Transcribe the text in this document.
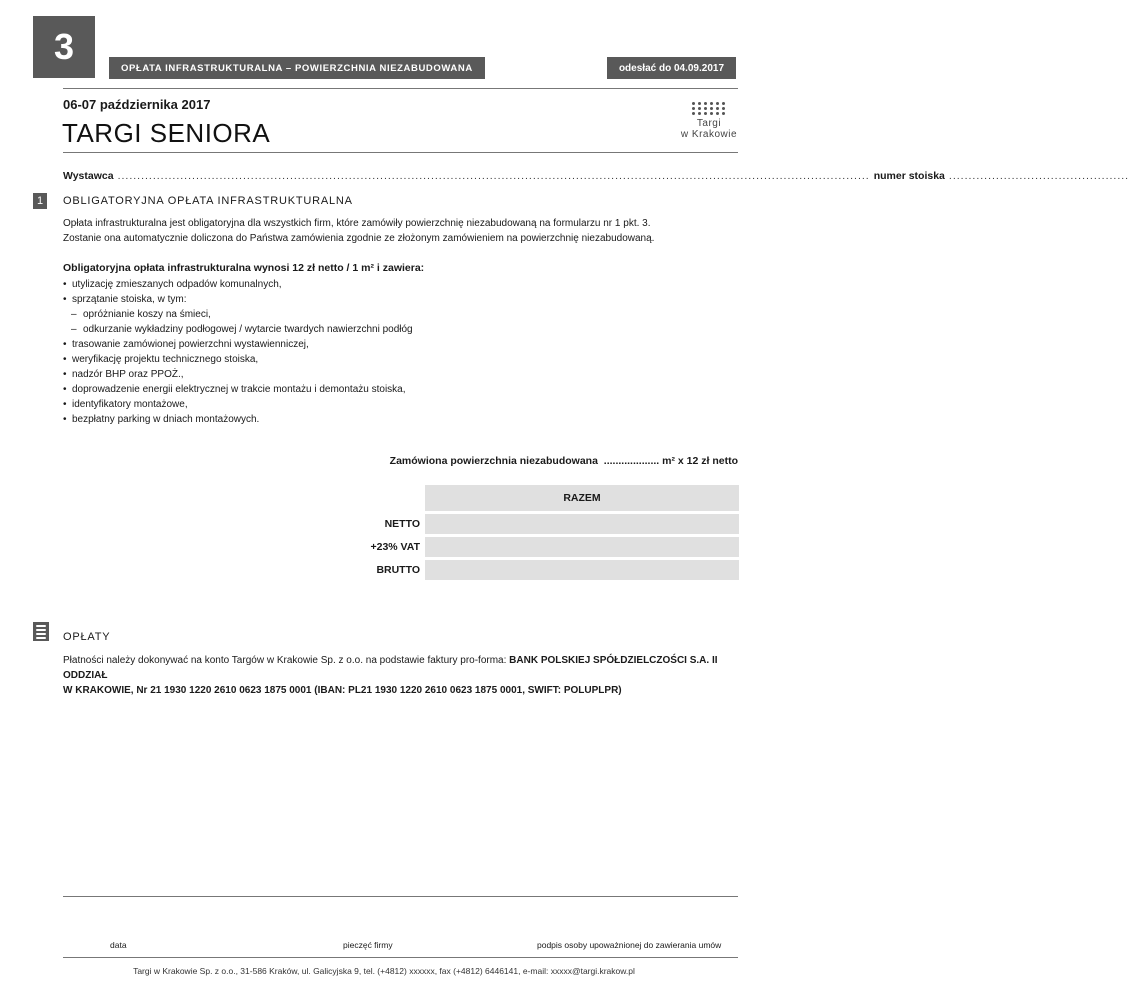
3
OPŁATA INFRASTRUKTURALNA – POWIERZCHNIA NIEZABUDOWANA	odesłać do 04.09.2017
06-07 października 2017
TARGI SENIORA	Targi
w Krakowie
Wystawca ................................................................................................................................................................................................ numer stoiska ..............................................
1	OBLIGATORYJNA OPŁATA INFRASTRUKTURALNA
Opłata infrastrukturalna jest obligatoryjna dla wszystkich firm, które zamówiły powierzchnię niezabudowaną na formularzu nr 1 pkt. 3.
Zostanie ona automatycznie doliczona do Państwa zamówienia zgodnie ze złożonym zamówieniem na powierzchnię niezabudowaną.
Obligatoryjna opłata infrastrukturalna wynosi 12 zł netto / 1 m² i zawiera:
• utylizację zmieszanych odpadów komunalnych,
• sprzątanie stoiska, w tym:
– opróżnianie koszy na śmieci,
– odkurzanie wykładziny podłogowej / wytarcie twardych nawierzchni podłóg
• trasowanie zamówionej powierzchni wystawienniczej,
• weryfikację projektu technicznego stoiska,
• nadzór BHP oraz PPOŻ.,
• doprowadzenie energii elektrycznej w trakcie montażu i demontażu stoiska,
• identyfikatory montażowe,
• bezpłatny parking w dniach montażowych.
Zamówiona powierzchnia niezabudowana
...................
m² x 12 zł netto
RAZEM
NETTO
+23% VAT
BRUTTO
OPŁATY
Płatności należy dokonywać na konto Targów w Krakowie Sp. z o.o. na podstawie faktury pro-forma: BANK POLSKIEJ SPÓŁDZIELCZOŚCI S.A. II ODDZIAŁ
W KRAKOWIE, Nr 21 1930 1220 2610 0623 1875 0001 (IBAN: PL21 1930 1220 2610 0623 1875 0001, SWIFT: POLUPLPR)
data	pieczęć firmy	podpis osoby upoważnionej do zawierania umów
Targi w Krakowie Sp. z o.o., 31-586 Kraków, ul. Galicyjska 9, tel. (+4812) xxxxxx, fax (+4812) 6446141, e-mail: xxxxx@targi.krakow.pl
